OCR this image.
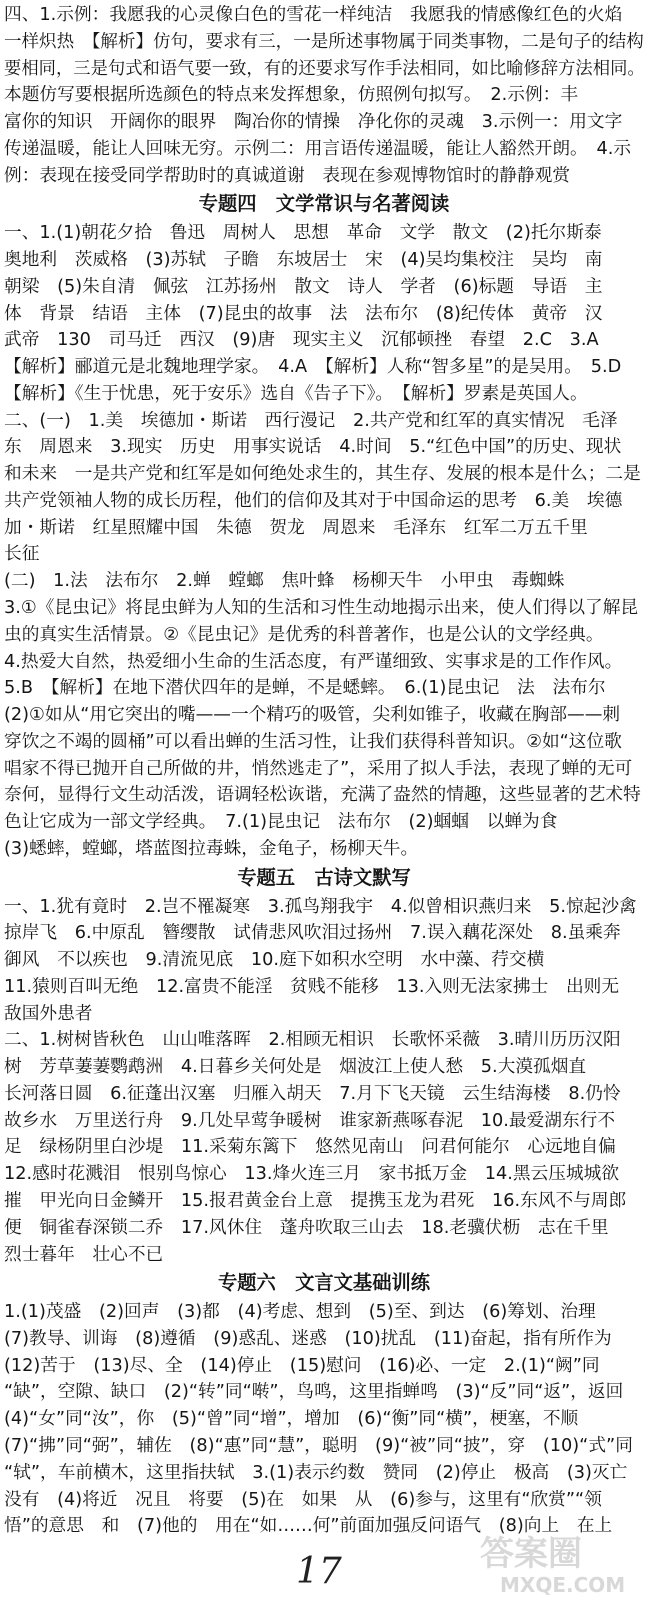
四、1.示例：我愿我的心灵像白色的雪花一样纯洁　我愿我的情感像红色的火焰
一样炽热　【解析】仿句，要求有三，一是所述事物属于同类事物，二是句子的结构
要相同，三是句式和语气要一致，有的还要求写作手法相同，如比喻修辞方法相同。
本题仿写要根据所选颜色的特点来发挥想象，仿照例句拟写。　2.示例：丰
富你的知识　开阔你的眼界　陶冶你的情操　净化你的灵魂　3.示例一：用文字
传递温暖，能让人回味无穷。示例二：用言语传递温暖，能让人豁然开朗。　4.示
例：表现在接受同学帮助时的真诚道谢　表现在参观博物馆时的静静观赏
专题四　文学常识与名著阅读
一、1.(1)朝花夕拾　鲁迅　周树人　思想　革命　文学　散文　(2)托尔斯泰
奥地利　茨威格　(3)苏轼　子瞻　东坡居士　宋　(4)吴均集校注　吴均　南
朝梁　(5)朱自清　佩弦　江苏扬州　散文　诗人　学者　(6)标题　导语　主
体　背景　结语　主体　(7)昆虫的故事　法　法布尔　(8)纪传体　黄帝　汉
武帝　130　司马迁　西汉　(9)唐　现实主义　沉郁顿挫　春望　2.C　3.A
【解析】郦道元是北魏地理学家。　4.A　【解析】人称“智多星”的是吴用。　5.D
【解析】《生于忧患，死于安乐》选自《告子下》。　【解析】罗素是英国人。
二、(一)　1.美　埃德加・斯诺　西行漫记　2.共产党和红军的真实情况　毛泽
东　周恩来　3.现实　历史　用事实说话　4.时间　5.“红色中国”的历史、现状
和未来　一是共产党和红军是如何绝处求生的，其生存、发展的根本是什么；二是
共产党领袖人物的成长历程，他们的信仰及其对于中国命运的思考　6.美　埃德
加・斯诺　红星照耀中国　朱德　贺龙　周恩来　毛泽东　红军二万五千里
长征
(二)　1.法　法布尔　2.蝉　螳螂　焦叶蜂　杨柳天牛　小甲虫　毒蜘蛛
3.①《昆虫记》将昆虫鲜为人知的生活和习性生动地揭示出来，使人们得以了解昆
虫的真实生活情景。②《昆虫记》是优秀的科普著作，也是公认的文学经典。
4.热爱大自然，热爱细小生命的生活态度，有严谨细致、实事求是的工作作风。
5.B　【解析】在地下潜伏四年的是蝉，不是蟋蟀。　6.(1)昆虫记　法　法布尔
(2)①如从“用它突出的嘴——一个精巧的吸管，尖利如锥子，收藏在胸部——刺
穿饮之不竭的圆桶”可以看出蝉的生活习性，让我们获得科普知识。②如“这位歌
唱家不得已抛开自己所做的井，悄然逃走了”，采用了拟人手法，表现了蝉的无可
奈何，显得行文生动活泼，语调轻松诙谐，充满了盎然的情趣，这些显著的艺术特
色让它成为一部文学经典。　7.(1)昆虫记　法布尔　(2)蝈蝈　以蝉为食
(3)蟋蟀，螳螂，塔蓝图拉毒蛛，金龟子，杨柳天牛。
专题五　古诗文默写
一、1.犹有竟时　2.岂不罹凝寒　3.孤鸟翔我宇　4.似曾相识燕归来　5.惊起沙禽
掠岸飞　6.中原乱　簪缨散　试倩悲风吹泪过扬州　7.误入藕花深处　8.虽乘奔
御风　不以疾也　9.清流见底　10.庭下如积水空明　水中藻、荇交横
11.猿则百叫无绝　12.富贵不能淫　贫贱不能移　13.入则无法家拂士　出则无
敌国外患者
二、1.树树皆秋色　山山唯落晖　2.相顾无相识　长歌怀采薇　3.晴川历历汉阳
树　芳草萋萋鹦鹉洲　4.日暮乡关何处是　烟波江上使人愁　5.大漠孤烟直
长河落日圆　6.征蓬出汉塞　归雁入胡天　7.月下飞天镜　云生结海楼　8.仍怜
故乡水　万里送行舟　9.几处早莺争暖树　谁家新燕啄春泥　10.最爱湖东行不
足　绿杨阴里白沙堤　11.采菊东篱下　悠然见南山　问君何能尔　心远地自偏
12.感时花溅泪　恨别鸟惊心　13.烽火连三月　家书抵万金　14.黑云压城城欲
摧　甲光向日金鳞开　15.报君黄金台上意　提携玉龙为君死　16.东风不与周郎
便　铜雀春深锁二乔　17.风休住　蓬舟吹取三山去　18.老骥伏枥　志在千里
烈士暮年　壮心不已
专题六　文言文基础训练
1.(1)茂盛　(2)回声　(3)都　(4)考虑、想到　(5)至、到达　(6)筹划、治理
(7)教导、训诲　(8)遵循　(9)惑乱、迷惑　(10)扰乱　(11)奋起，指有所作为
(12)苦于　(13)尽、全　(14)停止　(15)慰问　(16)必、一定　2.(1)“阙”同
“缺”，空隙、缺口　(2)“转”同“啭”，鸟鸣，这里指蝉鸣　(3)“反”同“返”，返回
(4)“女”同“汝”，你　(5)“曾”同“增”，增加　(6)“衡”同“横”，梗塞，不顺
(7)“拂”同“弼”，辅佐　(8)“惠”同“慧”，聪明　(9)“被”同“披”，穿　(10)“式”同
“轼”，车前横木，这里指扶轼　3.(1)表示约数　赞同　(2)停止　极高　(3)灭亡
没有　(4)将近　况且　将要　(5)在　如果　从　(6)参与，这里有“欣赏”“领
悟”的意思　和　(7)他的　用在“如……何”前面加强反问语气　(8)向上　在上
17	答案圈
MXQE.COM
